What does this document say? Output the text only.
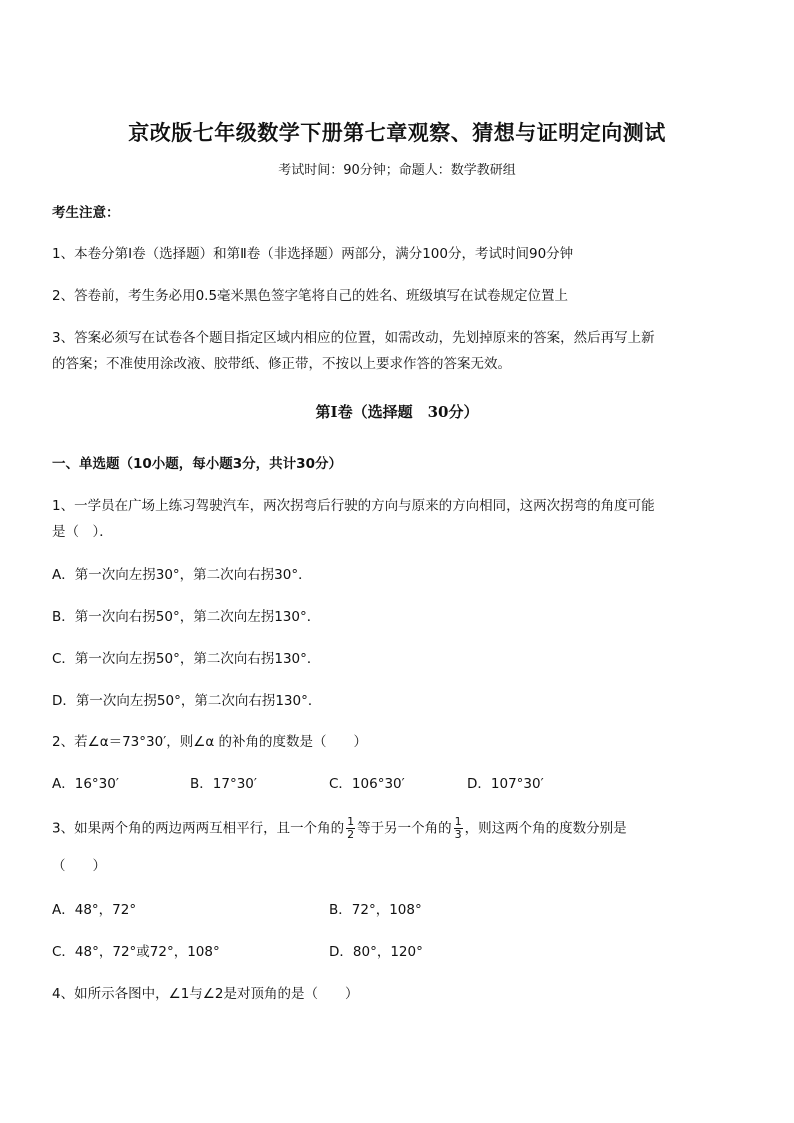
京改版七年级数学下册第七章观察、猜想与证明定向测试
考试时间：90分钟；命题人：数学教研组
考生注意：
1、本卷分第Ⅰ卷（选择题）和第Ⅱ卷（非选择题）两部分，满分100分，考试时间90分钟
2、答卷前，考生务必用0.5毫米黑色签字笔将自己的姓名、班级填写在试卷规定位置上
3、答案必须写在试卷各个题目指定区域内相应的位置，如需改动，先划掉原来的答案，然后再写上新
的答案；不准使用涂改液、胶带纸、修正带，不按以上要求作答的答案无效。
第Ⅰ卷（选择题　30分）
一、单选题（10小题，每小题3分，共计30分）
1、一学员在广场上练习驾驶汽车，两次拐弯后行驶的方向与原来的方向相同，这两次拐弯的角度可能
是（　）．
A．第一次向左拐30°，第二次向右拐30°．
B．第一次向右拐50°，第二次向左拐130°．
C．第一次向左拐50°，第二次向右拐130°．
D．第一次向左拐50°，第二次向右拐130°．
2、若∠α＝73°30′，则∠α 的补角的度数是（　　）
A．16°30′	B．17°30′	C．106°30′	D．107°30′
3、如果两个角的两边两两互相平行，且一个角的 $\frac{1}{2}$ 等于另一个角的 $\frac{1}{3}$ ，则这两个角的度数分别是
（　　）
A．48°，72°	B．72°，108°
C．48°，72°或72°，108°	D．80°，120°
4、如所示各图中，∠1与∠2是对顶角的是（　　）
